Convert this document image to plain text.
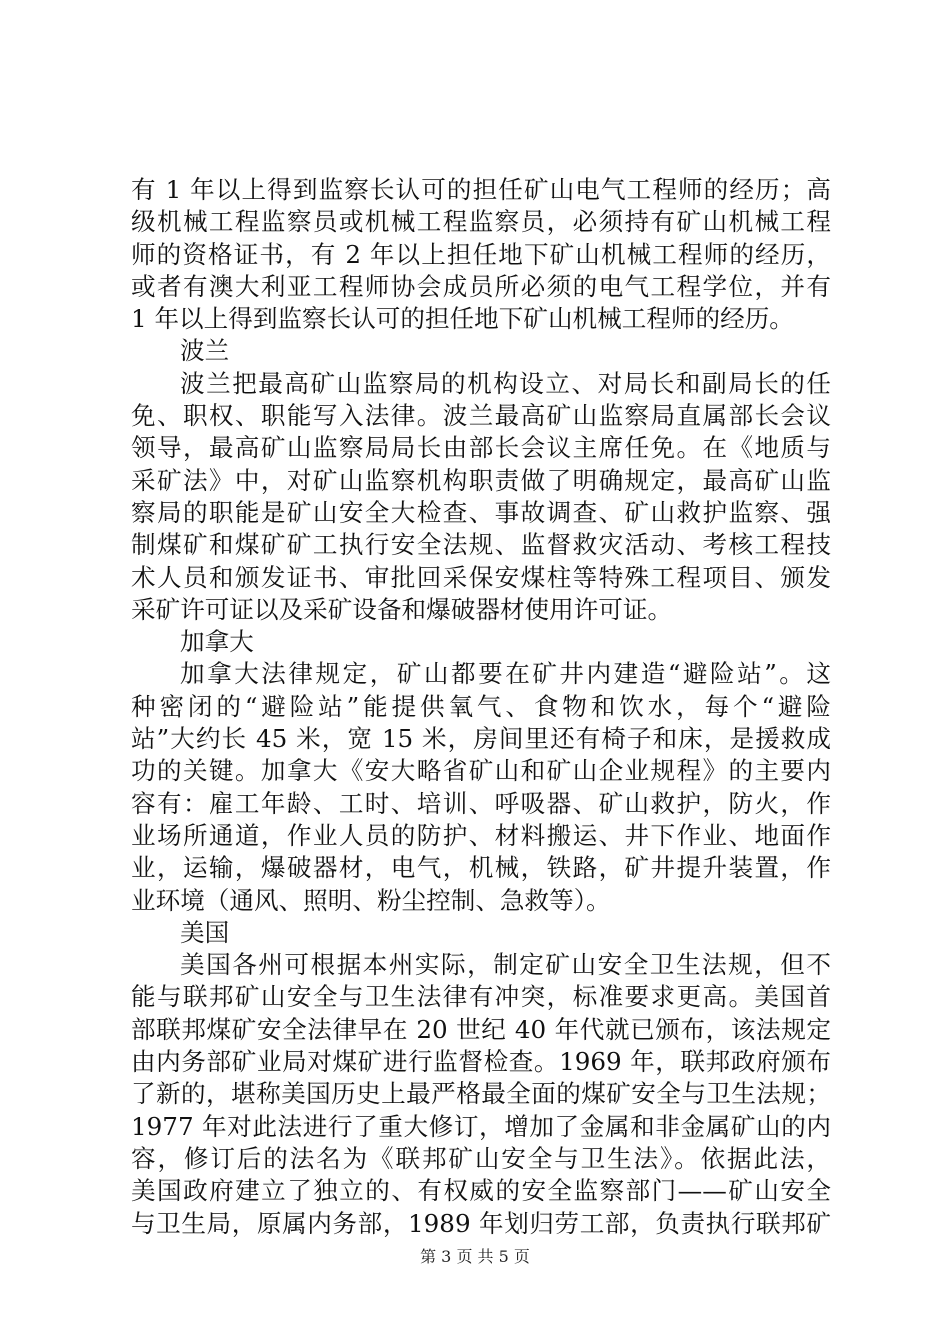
有 1 年以上得到监察长认可的担任矿山电气工程师的经历；高
级机械工程监察员或机械工程监察员，必须持有矿山机械工程
师的资格证书，有 2 年以上担任地下矿山机械工程师的经历，
或者有澳大利亚工程师协会成员所必须的电气工程学位，并有
1 年以上得到监察长认可的担任地下矿山机械工程师的经历。
波兰
波兰把最高矿山监察局的机构设立、对局长和副局长的任
免、职权、职能写入法律。波兰最高矿山监察局直属部长会议
领导，最高矿山监察局局长由部长会议主席任免。在《地质与
采矿法》中，对矿山监察机构职责做了明确规定，最高矿山监
察局的职能是矿山安全大检查、事故调查、矿山救护监察、强
制煤矿和煤矿矿工执行安全法规、监督救灾活动、考核工程技
术人员和颁发证书、审批回采保安煤柱等特殊工程项目、颁发
采矿许可证以及采矿设备和爆破器材使用许可证。
加拿大
加拿大法律规定，矿山都要在矿井内建造“避险站”。这
种密闭的“避险站”能提供氧气、食物和饮水，每个“避险
站”大约长 45 米，宽 15 米，房间里还有椅子和床，是援救成
功的关键。加拿大《安大略省矿山和矿山企业规程》的主要内
容有：雇工年龄、工时、培训、呼吸器、矿山救护，防火，作
业场所通道，作业人员的防护、材料搬运、井下作业、地面作
业，运输，爆破器材，电气，机械，铁路，矿井提升装置，作
业环境（通风、照明、粉尘控制、急救等）。
美国
美国各州可根据本州实际，制定矿山安全卫生法规，但不
能与联邦矿山安全与卫生法律有冲突，标准要求更高。美国首
部联邦煤矿安全法律早在 20 世纪 40 年代就已颁布，该法规定
由内务部矿业局对煤矿进行监督检查。1969 年，联邦政府颁布
了新的，堪称美国历史上最严格最全面的煤矿安全与卫生法规；
1977 年对此法进行了重大修订，增加了金属和非金属矿山的内
容，修订后的法名为《联邦矿山安全与卫生法》。依据此法，
美国政府建立了独立的、有权威的安全监察部门——矿山安全
与卫生局，原属内务部，1989 年划归劳工部，负责执行联邦矿
第 3 页 共 5 页
